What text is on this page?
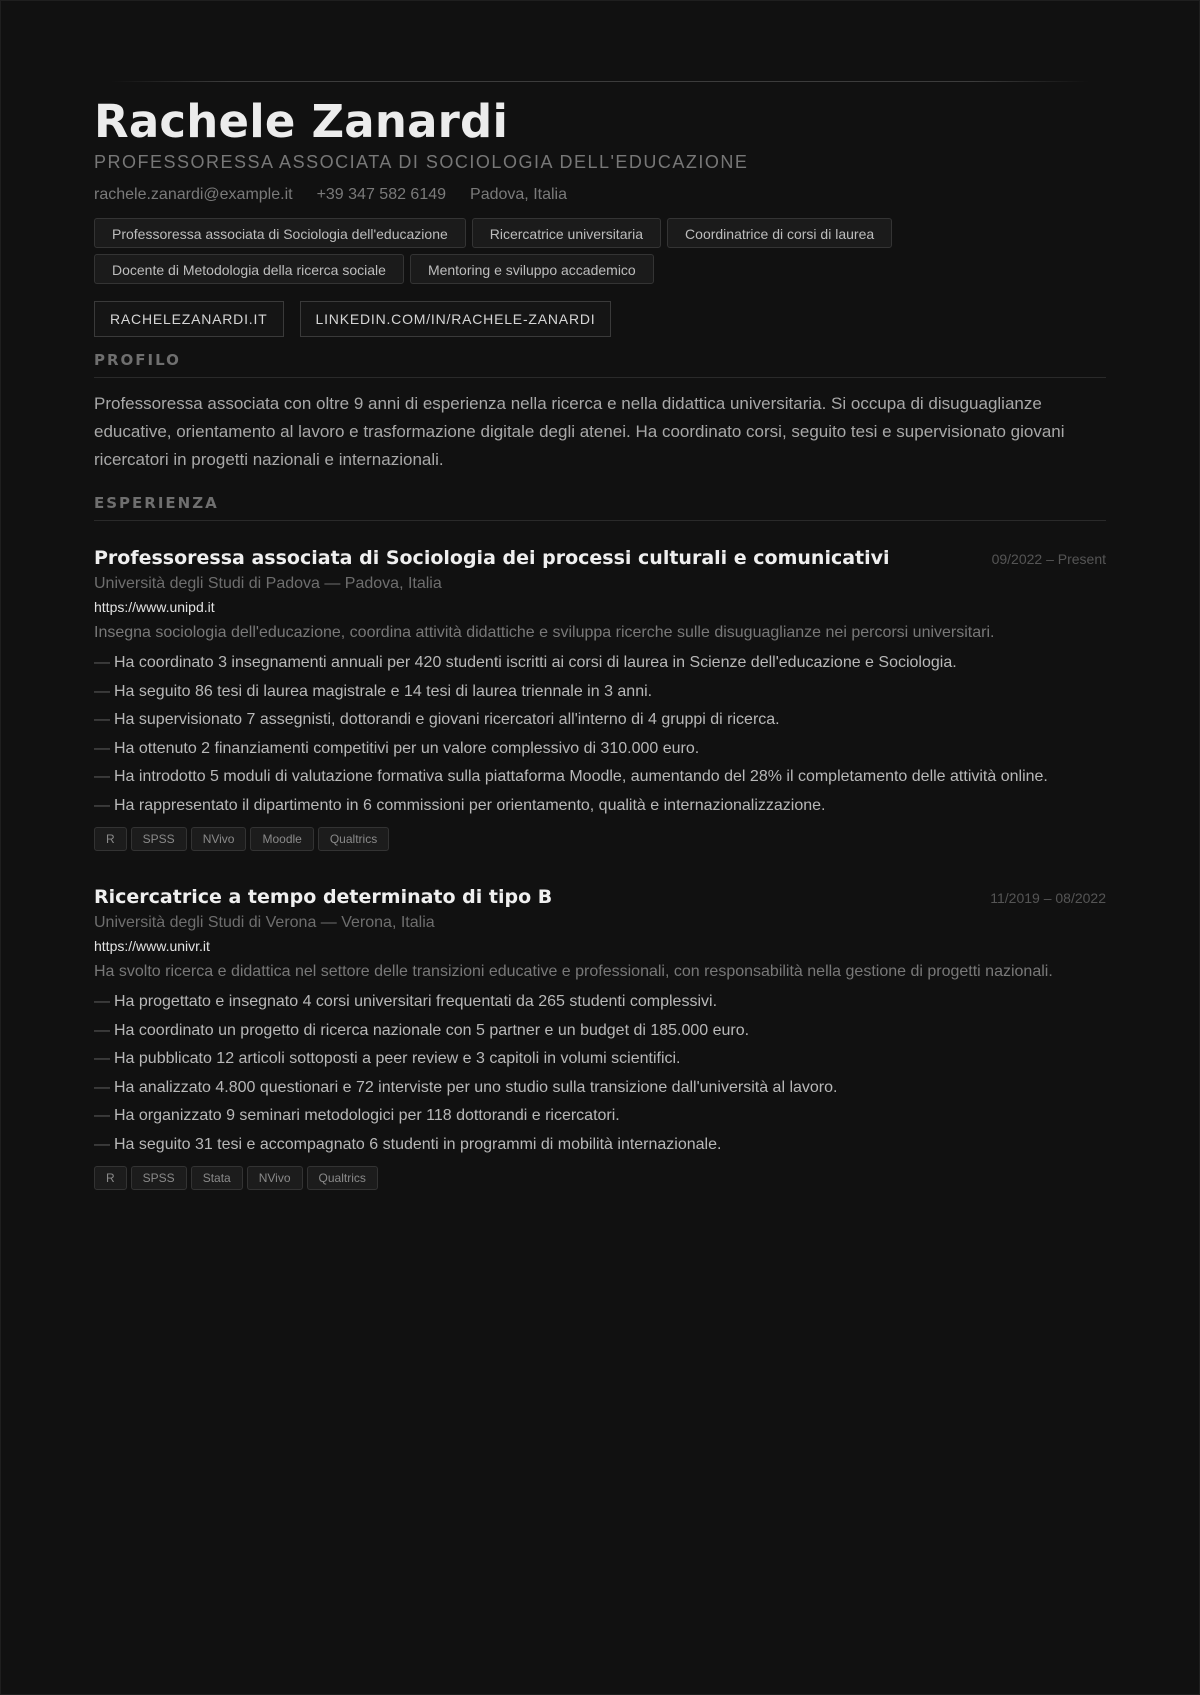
Rachele Zanardi
PROFESSORESSA ASSOCIATA DI SOCIOLOGIA DELL'EDUCAZIONE
rachele.zanardi@example.it +39 347 582 6149 Padova, Italia
Professoressa associata di Sociologia dell'educazione	Ricercatrice universitaria	Coordinatrice di corsi di laurea
Docente di Metodologia della ricerca sociale	Mentoring e sviluppo accademico
RACHELEZANARDI.IT	LINKEDIN.COM/IN/RACHELE-ZANARDI
PROFILO
Professoressa associata con oltre 9 anni di esperienza nella ricerca e nella didattica universitaria. Si occupa di disuguaglianze educative, orientamento al lavoro e trasformazione digitale degli atenei. Ha coordinato corsi, seguito tesi e supervisionato giovani ricercatori in progetti nazionali e internazionali.
ESPERIENZA
Professoressa associata di Sociologia dei processi culturali e comunicativi	09/2022 – Present
Università degli Studi di Padova — Padova, Italia
https://www.unipd.it
Insegna sociologia dell'educazione, coordina attività didattiche e sviluppa ricerche sulle disuguaglianze nei percorsi universitari.
— Ha coordinato 3 insegnamenti annuali per 420 studenti iscritti ai corsi di laurea in Scienze dell'educazione e Sociologia.
— Ha seguito 86 tesi di laurea magistrale e 14 tesi di laurea triennale in 3 anni.
— Ha supervisionato 7 assegnisti, dottorandi e giovani ricercatori all'interno di 4 gruppi di ricerca.
— Ha ottenuto 2 finanziamenti competitivi per un valore complessivo di 310.000 euro.
— Ha introdotto 5 moduli di valutazione formativa sulla piattaforma Moodle, aumentando del 28% il completamento delle attività online.
— Ha rappresentato il dipartimento in 6 commissioni per orientamento, qualità e internazionalizzazione.
R	SPSS	NVivo	Moodle	Qualtrics
Ricercatrice a tempo determinato di tipo B	11/2019 – 08/2022
Università degli Studi di Verona — Verona, Italia
https://www.univr.it
Ha svolto ricerca e didattica nel settore delle transizioni educative e professionali, con responsabilità nella gestione di progetti nazionali.
— Ha progettato e insegnato 4 corsi universitari frequentati da 265 studenti complessivi.
— Ha coordinato un progetto di ricerca nazionale con 5 partner e un budget di 185.000 euro.
— Ha pubblicato 12 articoli sottoposti a peer review e 3 capitoli in volumi scientifici.
— Ha analizzato 4.800 questionari e 72 interviste per uno studio sulla transizione dall'università al lavoro.
— Ha organizzato 9 seminari metodologici per 118 dottorandi e ricercatori.
— Ha seguito 31 tesi e accompagnato 6 studenti in programmi di mobilità internazionale.
R	SPSS	Stata	NVivo	Qualtrics
